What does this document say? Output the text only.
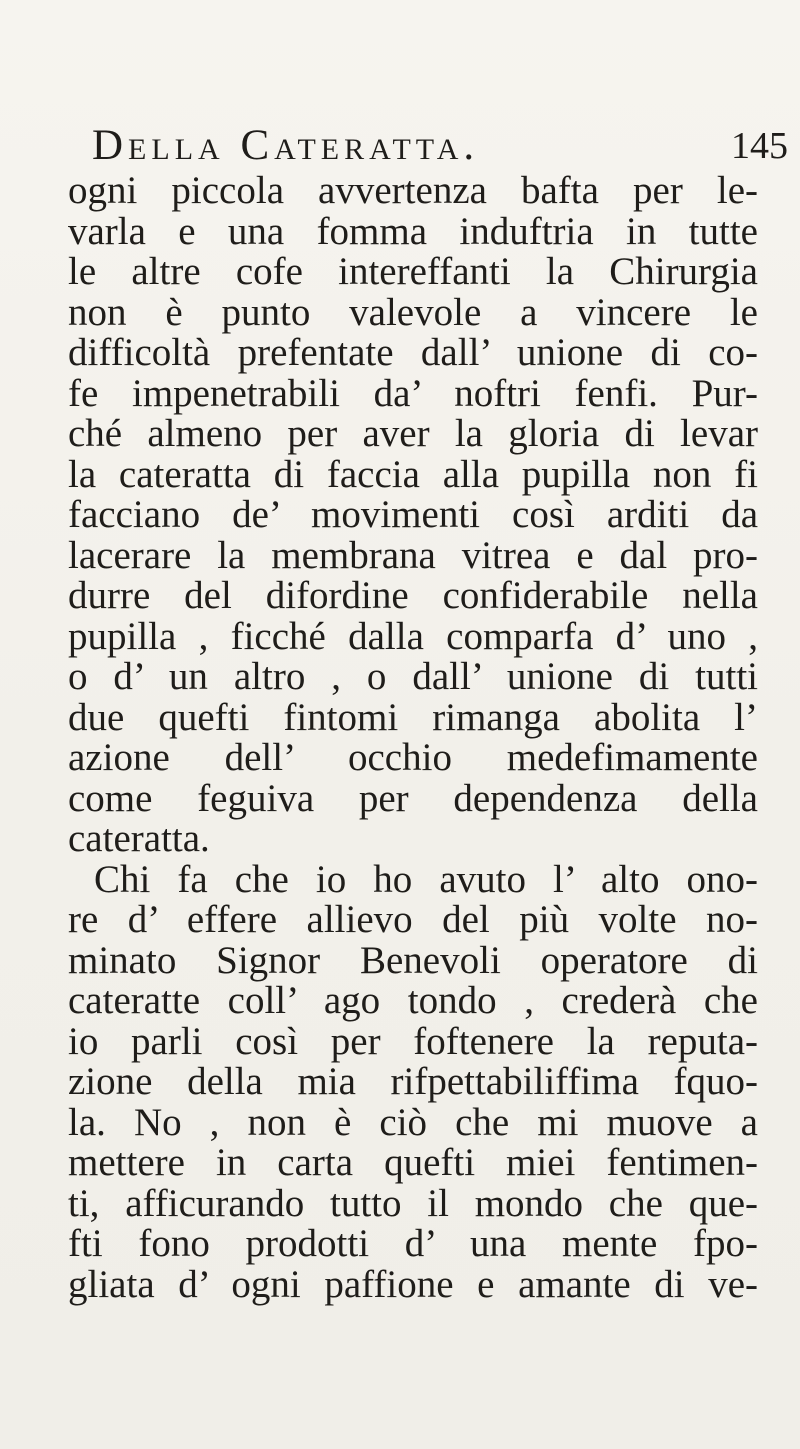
Della Cateratta.	145
ogni piccola avvertenza bafta per le-
varla e una fomma induftria in tutte
le altre cofe intereffanti la Chirurgia
non è punto valevole a vincere le
difficoltà prefentate dall’ unione di co-
fe impenetrabili da’ noftri fenfi. Pur-
ché almeno per aver la gloria di levar
la cateratta di faccia alla pupilla non fi
facciano de’ movimenti così arditi da
lacerare la membrana vitrea e dal pro-
durre del difordine confiderabile nella
pupilla , ficché dalla comparfa d’ uno ,
o d’ un altro , o dall’ unione di tutti
due quefti fintomi rimanga abolita l’
azione dell’ occhio medefimamente
come feguiva per dependenza della
cateratta.
Chi fa che io ho avuto l’ alto ono-
re d’ effere allievo del più volte no-
minato Signor Benevoli operatore di
cateratte coll’ ago tondo , crederà che
io parli così per foftenere la reputa-
zione della mia rifpettabiliffima fquo-
la. No , non è ciò che mi muove a
mettere in carta quefti miei fentimen-
ti, afficurando tutto il mondo che que-
fti fono prodotti d’ una mente fpo-
gliata d’ ogni paffione e amante di ve-
